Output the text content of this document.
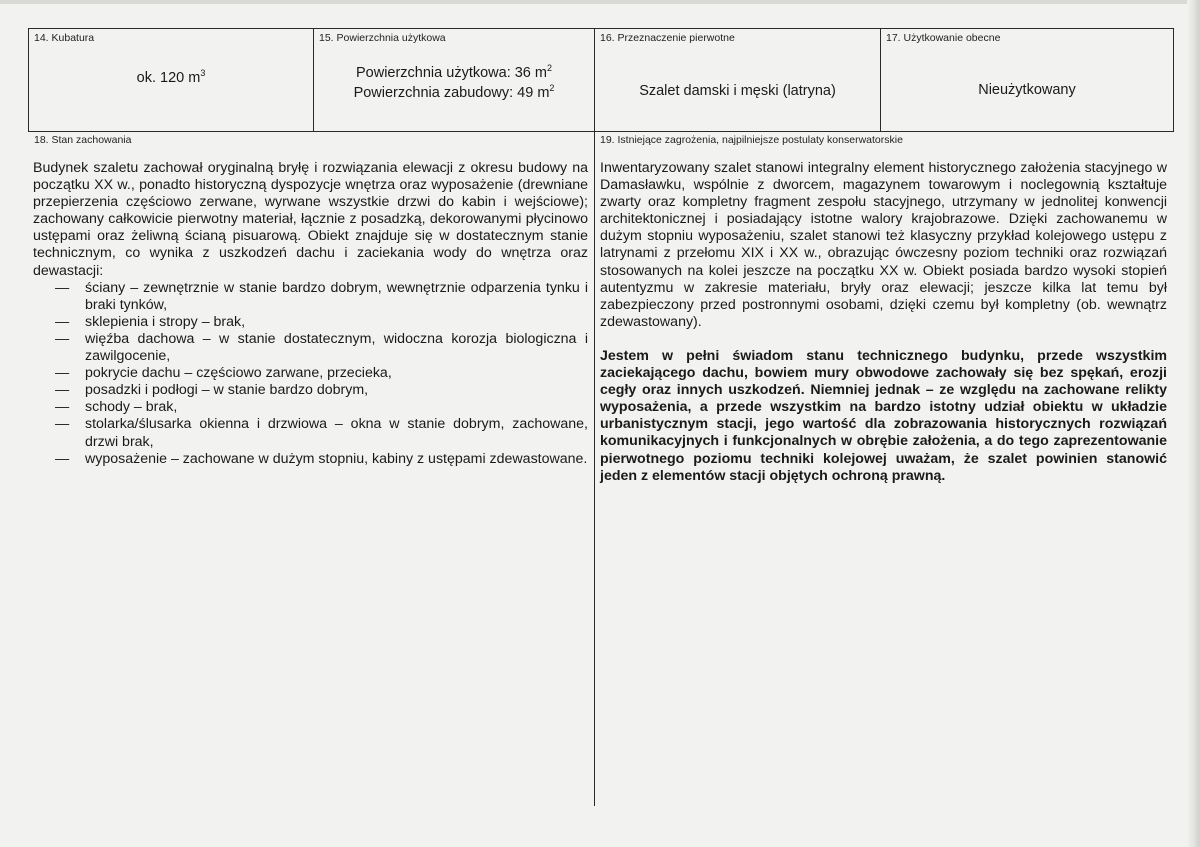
14. Kubatura
ok. 120 $m^3$
15. Powierzchnia użytkowa
Powierzchnia użytkowa: 36 $m^2$
Powierzchnia zabudowy: 49 $m^2$
16. Przeznaczenie pierwotne
Szalet damski i męski (latryna)
17. Użytkowanie obecne
Nieużytkowany
18. Stan zachowania

Budynek szaletu zachował oryginalną bryłę i rozwiązania elewacji z okresu budowy na początku XX w., ponadto historyczną dyspozycje wnętrza oraz wyposażenie (drewniane przepierzenia częściowo zerwane, wyrwane wszystkie drzwi do kabin i wejściowe); zachowany całkowicie pierwotny materiał, łącznie z posadzką, dekorowanymi płycinowo ustępami oraz żeliwną ścianą pisuarową. Obiekt znajduje się w dostatecznym stanie technicznym, co wynika z uszkodzeń dachu i zaciekania wody do wnętrza oraz dewastacji:

— ściany – zewnętrznie w stanie bardzo dobrym, wewnętrznie odparzenia tynku i braki tynków,
— sklepienia i stropy – brak,
— więźba dachowa – w stanie dostatecznym, widoczna korozja biologiczna i zawilgocenie,
— pokrycie dachu – częściowo zarwane, przecieka,
— posadzki i podłogi – w stanie bardzo dobrym,
— schody – brak,
— stolarka/ślusarka okienna i drzwiowa – okna w stanie dobrym, zachowane, drzwi brak,
— wyposażenie – zachowane w dużym stopniu, kabiny z ustępami zdewastowane.
19. Istniejące zagrożenia, najpilniejsze postulaty konserwatorskie

Inwentaryzowany szalet stanowi integralny element historycznego założenia stacyjnego w Damasławku, wspólnie z dworcem, magazynem towarowym i noclegownią kształtuje zwarty oraz kompletny fragment zespołu stacyjnego, utrzymany w jednolitej konwencji architektonicznej i posiadający istotne walory krajobrazowe. Dzięki zachowanemu w dużym stopniu wyposażeniu, szalet stanowi też klasyczny przykład kolejowego ustępu z latrynami z przełomu XIX i XX w., obrazując ówczesny poziom techniki oraz rozwiązań stosowanych na kolei jeszcze na początku XX w. Obiekt posiada bardzo wysoki stopień autentyzmu w zakresie materiału, bryły oraz elewacji; jeszcze kilka lat temu był zabezpieczony przed postronnymi osobami, dzięki czemu był kompletny (ob. wewnątrz zdewastowany).

Jestem w pełni świadom stanu technicznego budynku, przede wszystkim zaciekającego dachu, bowiem mury obwodowe zachowały się bez spękań, erozji cegły oraz innych uszkodzeń. Niemniej jednak – ze względu na zachowane relikty wyposażenia, a przede wszystkim na bardzo istotny udział obiektu w układzie urbanistycznym stacji, jego wartość dla zobrazowania historycznych rozwiązań komunikacyjnych i funkcjonalnych w obrębie założenia, a do tego zaprezentowanie pierwotnego poziomu techniki kolejowej uważam, że szalet powinien stanowić jeden z elementów stacji objętych ochroną prawną.
